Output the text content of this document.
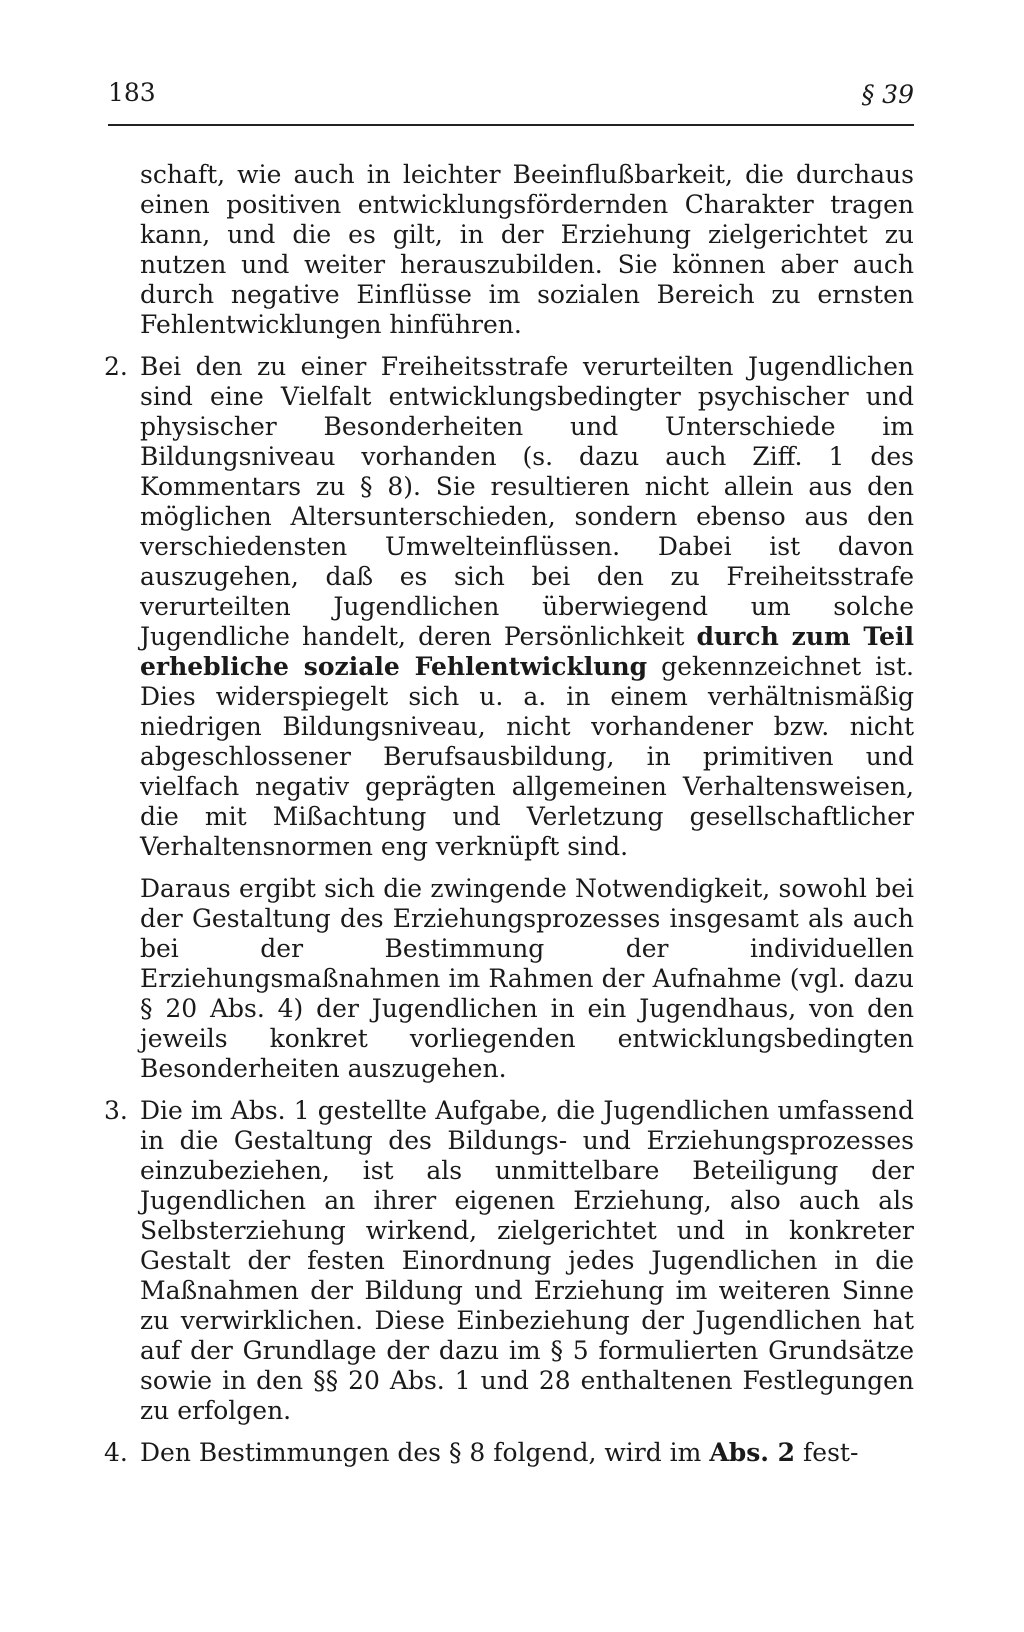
183	§ 39

schaft, wie auch in leichter Beeinflußbarkeit, die durchaus einen positiven entwicklungsfördernden Charakter tragen kann, und die es gilt, in der Erziehung zielgerichtet zu nutzen und weiter herauszubilden. Sie können aber auch durch negative Einflüsse im sozialen Bereich zu ernsten Fehlentwicklungen hinführen.

2. Bei den zu einer Freiheitsstrafe verurteilten Jugendlichen sind eine Vielfalt entwicklungsbedingter psychischer und physischer Besonderheiten und Unterschiede im Bildungsniveau vorhanden (s. dazu auch Ziff. 1 des Kommentars zu § 8). Sie resultieren nicht allein aus den möglichen Altersunterschieden, sondern ebenso aus den verschiedensten Umwelteinflüssen. Dabei ist davon auszugehen, daß es sich bei den zu Freiheitsstrafe verurteilten Jugendlichen überwiegend um solche Jugendliche handelt, deren Persönlichkeit durch zum Teil erhebliche soziale Fehlentwicklung gekennzeichnet ist. Dies widerspiegelt sich u. a. in einem verhältnismäßig niedrigen Bildungsniveau, nicht vorhandener bzw. nicht abgeschlossener Berufsausbildung, in primitiven und vielfach negativ geprägten allgemeinen Verhaltensweisen, die mit Mißachtung und Verletzung gesellschaftlicher Verhaltensnormen eng verknüpft sind.

Daraus ergibt sich die zwingende Notwendigkeit, sowohl bei der Gestaltung des Erziehungsprozesses insgesamt als auch bei der Bestimmung der individuellen Erziehungsmaßnahmen im Rahmen der Aufnahme (vgl. dazu § 20 Abs. 4) der Jugendlichen in ein Jugendhaus, von den jeweils konkret vorliegenden entwicklungsbedingten Besonderheiten auszugehen.

3. Die im Abs. 1 gestellte Aufgabe, die Jugendlichen umfassend in die Gestaltung des Bildungs- und Erziehungsprozesses einzubeziehen, ist als unmittelbare Beteiligung der Jugendlichen an ihrer eigenen Erziehung, also auch als Selbsterziehung wirkend, zielgerichtet und in konkreter Gestalt der festen Einordnung jedes Jugendlichen in die Maßnahmen der Bildung und Erziehung im weiteren Sinne zu verwirklichen. Diese Einbeziehung der Jugendlichen hat auf der Grundlage der dazu im § 5 formulierten Grundsätze sowie in den §§ 20 Abs. 1 und 28 enthaltenen Festlegungen zu erfolgen.
4. Den Bestimmungen des § 8 folgend, wird im Abs. 2 fest-
